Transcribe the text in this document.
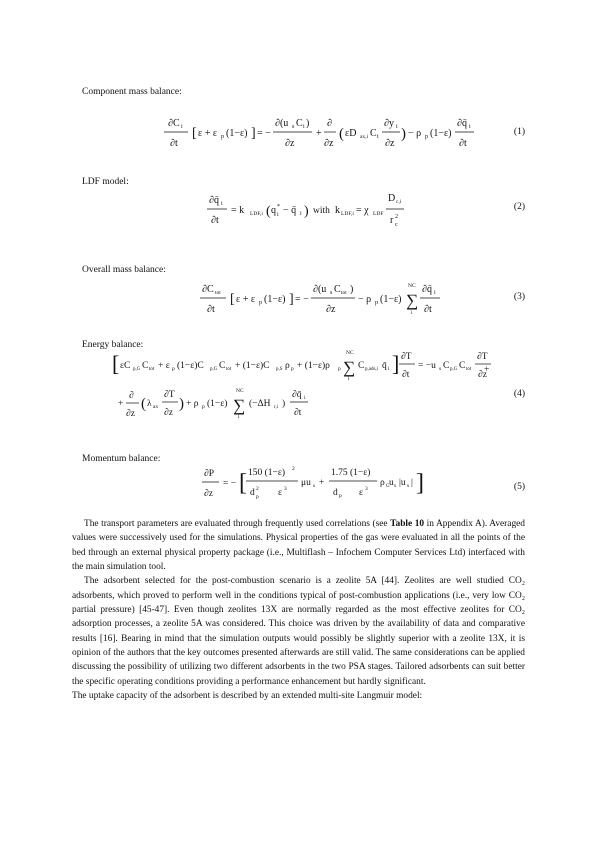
Component mass balance:
LDF model:
Overall mass balance:
Energy balance:
Momentum balance:
(1)
(2)
(3)
(4)
(5)
∂C i
∂t
[ ε + ε p (1−ε) ] = −
∂(u s C i )
∂z
+
∂
∂z
( εD ax,i C t
∂y i
∂z
) − ρ p (1−ε)
∂q̄ i
∂t
∂q̄ i
∂t
= k LDF,i ( q *
i − q̄ i ) with k LDF,i = χ LDF
D c,i
r 2
c
∂C tot
∂t
[ ε + ε p (1−ε) ] = −
∂(u s C tot )
∂z
− ρ p (1−ε)
NC
∑
i
∂q̄ i
∂t
[ εC p,G C tot + ε p (1−ε)C p,G C tot + (1−ε)C p,S ρ p + (1−ε)ρ p
NC
∑
i
C p,ads,i q̄ i ] ∂T
∂t
= −u s C p,G C tot
∂T
∂z
+
∂
∂z
( λ ax
∂T
∂z
) + ρ p (1−ε)
NC
∑
i
(−ΔH r,i )
∂q̄ i
∂t
+
∂P
∂z
= − [ 150 (1−ε) 2
d 2
p ε 3
μu s +
1.75 (1−ε)
d p ε 3
ρ G u s |u s | ]

The transport parameters are evaluated through frequently used correlations (see Table 10 in Appendix A). Averaged values were successively used for the simulations. Physical properties of the gas were evaluated in all the points of the bed through an external physical property package (i.e., Multiflash – Infochem Computer Services Ltd) interfaced with the main simulation tool.

The adsorbent selected for the post-combustion scenario is a zeolite 5A [44]. Zeolites are well studied CO₂ adsorbents, which proved to perform well in the conditions typical of post-combustion applications (i.e., very low CO₂ partial pressure) [45-47]. Even though zeolites 13X are normally regarded as the most effective zeolites for CO₂ adsorption processes, a zeolite 5A was considered. This choice was driven by the availability of data and comparative results [16]. Bearing in mind that the simulation outputs would possibly be slightly superior with a zeolite 13X, it is opinion of the authors that the key outcomes presented afterwards are still valid. The same considerations can be applied discussing the possibility of utilizing two different adsorbents in the two PSA stages. Tailored adsorbents can suit better the specific operating conditions providing a performance enhancement but hardly significant.

The uptake capacity of the adsorbent is described by an extended multi-site Langmuir model:
